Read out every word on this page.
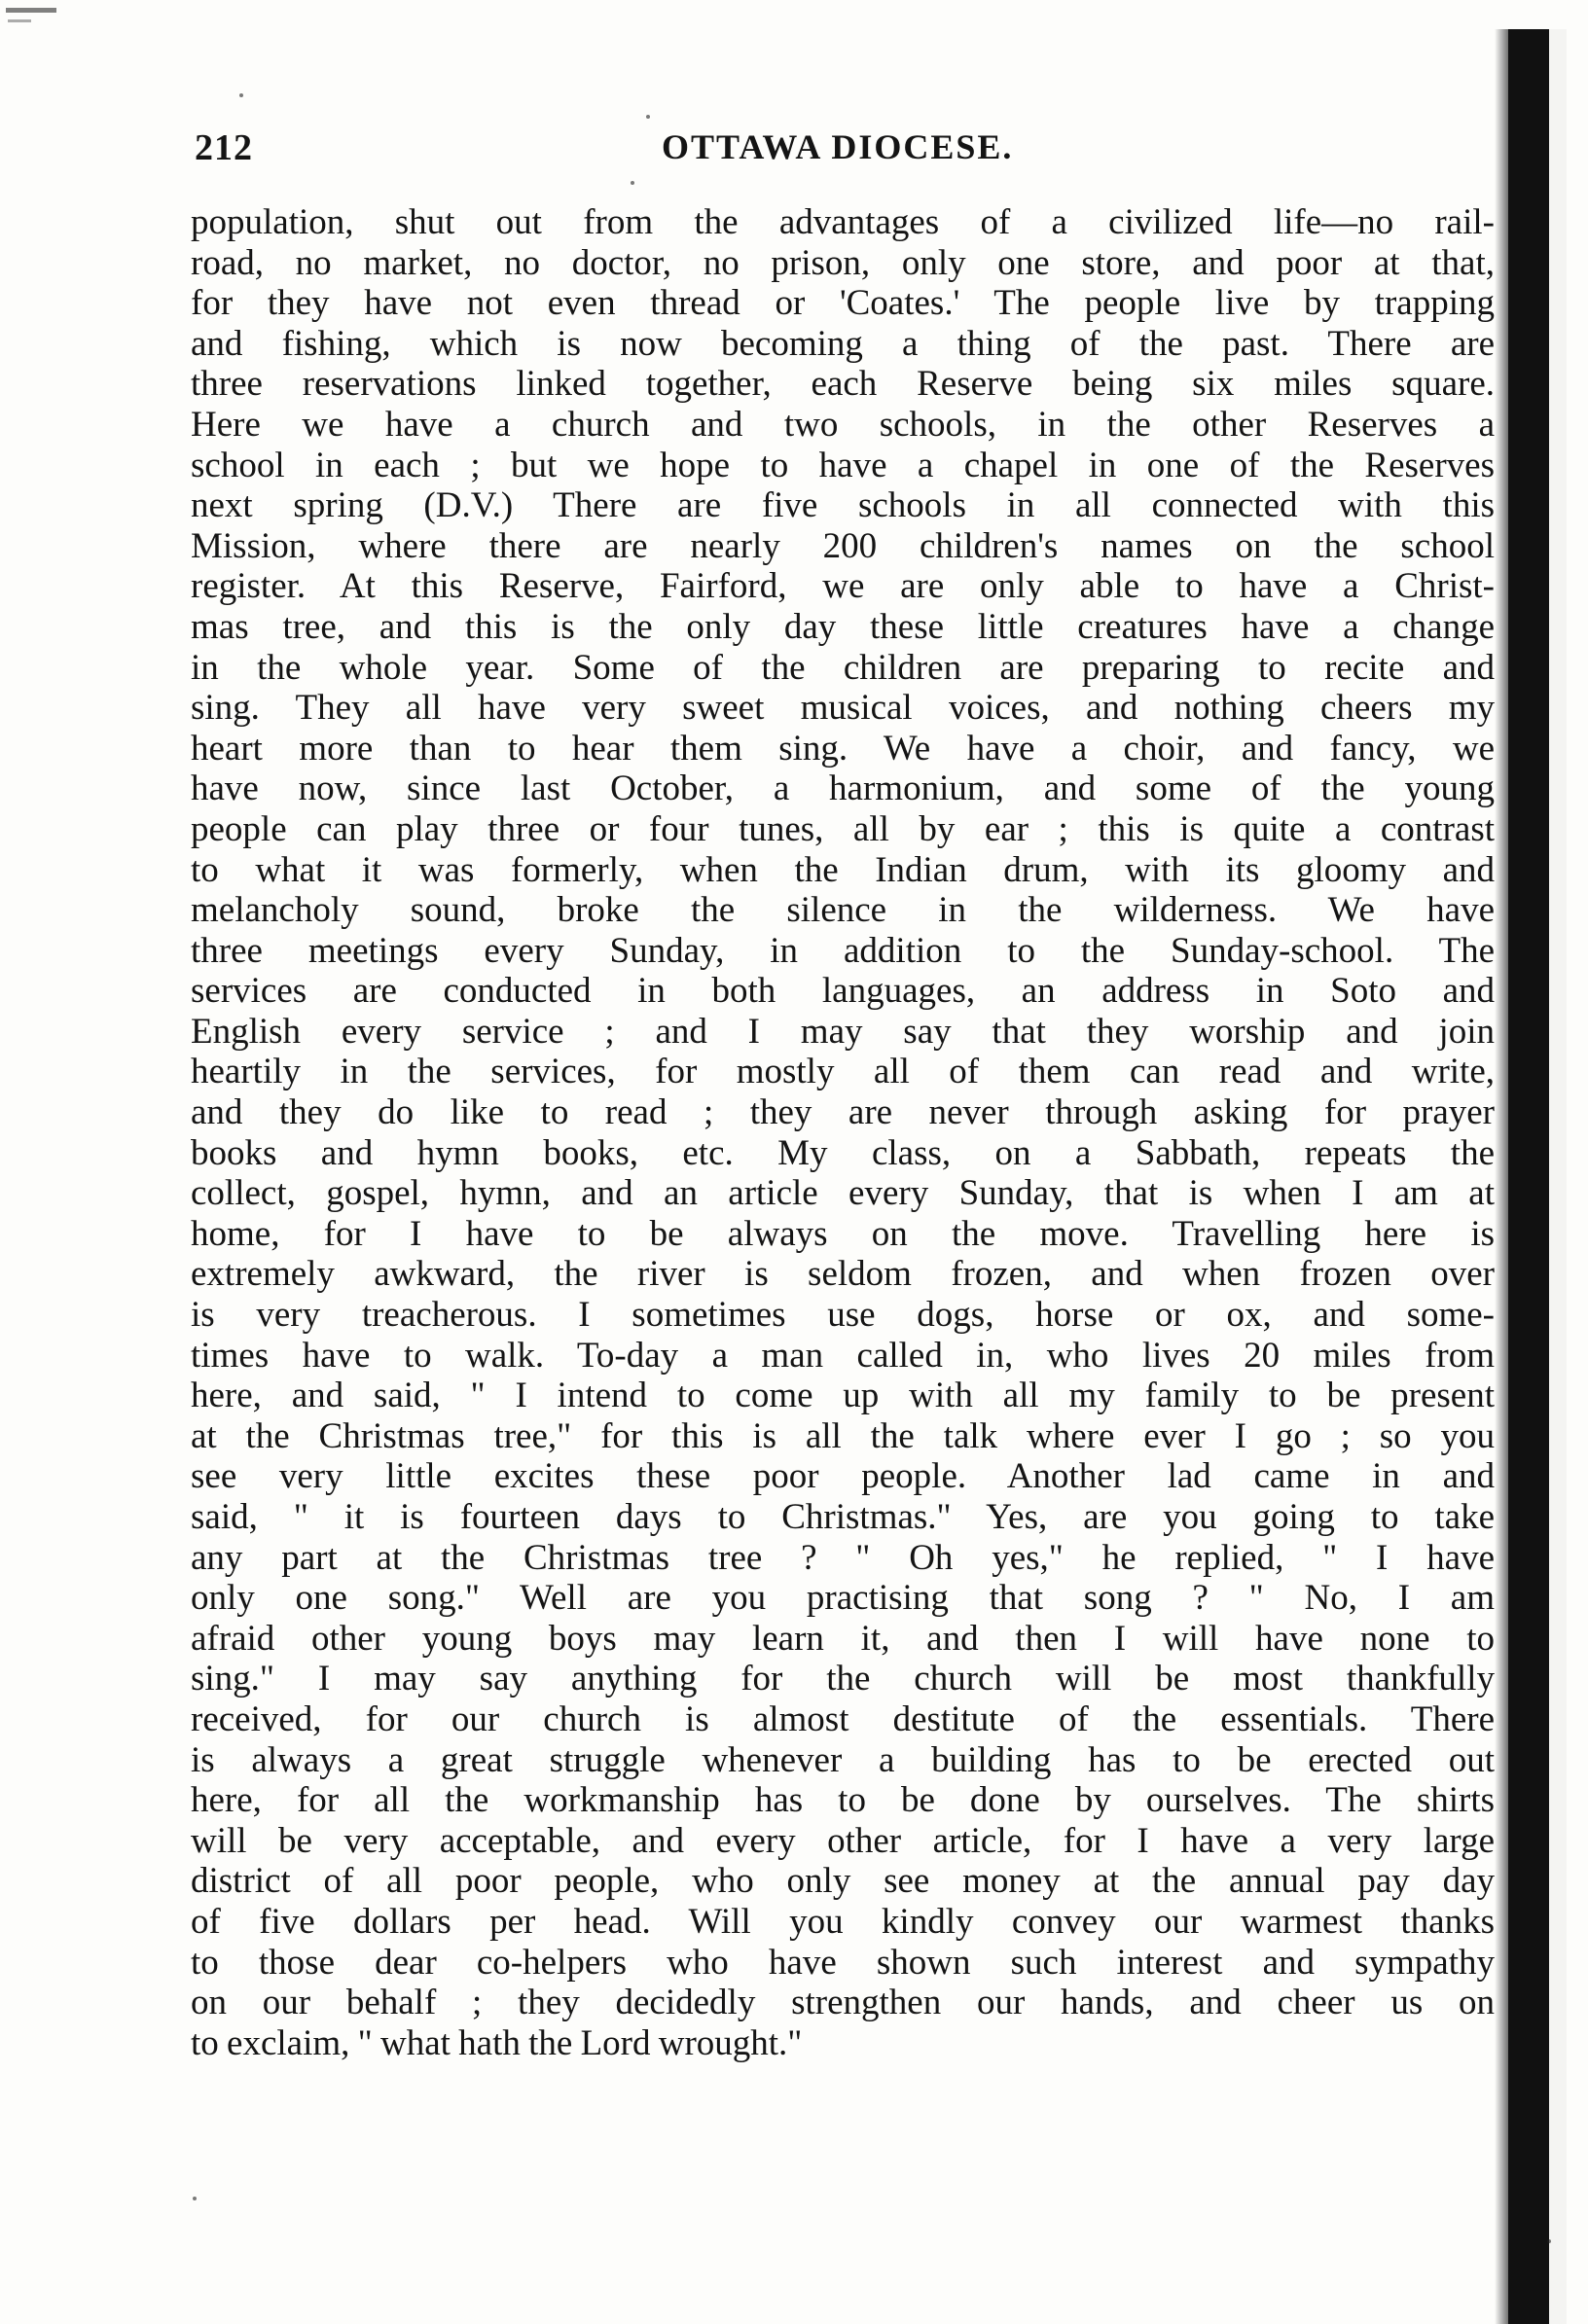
212	OTTAWA DIOCESE.
population, shut out from the advantages of a civilized life—no rail-
road, no market, no doctor, no prison, only one store, and poor at that,
for they have not even thread or 'Coates.' The people live by trapping
and fishing, which is now becoming a thing of the past. There are
three reservations linked together, each Reserve being six miles square.
Here we have a church and two schools, in the other Reserves a
school in each ; but we hope to have a chapel in one of the Reserves
next spring (D.V.) There are five schools in all connected with this
Mission, where there are nearly 200 children's names on the school
register. At this Reserve, Fairford, we are only able to have a Christ-
mas tree, and this is the only day these little creatures have a change
in the whole year. Some of the children are preparing to recite and
sing. They all have very sweet musical voices, and nothing cheers my
heart more than to hear them sing. We have a choir, and fancy, we
have now, since last October, a harmonium, and some of the young
people can play three or four tunes, all by ear ; this is quite a contrast
to what it was formerly, when the Indian drum, with its gloomy and
melancholy sound, broke the silence in the wilderness. We have
three meetings every Sunday, in addition to the Sunday-school. The
services are conducted in both languages, an address in Soto and
English every service ; and I may say that they worship and join
heartily in the services, for mostly all of them can read and write,
and they do like to read ; they are never through asking for prayer
books and hymn books, etc. My class, on a Sabbath, repeats the
collect, gospel, hymn, and an article every Sunday, that is when I am at
home, for I have to be always on the move. Travelling here is
extremely awkward, the river is seldom frozen, and when frozen over
is very treacherous. I sometimes use dogs, horse or ox, and some-
times have to walk. To-day a man called in, who lives 20 miles from
here, and said, " I intend to come up with all my family to be present
at the Christmas tree," for this is all the talk where ever I go ; so you
see very little excites these poor people. Another lad came in and
said, " it is fourteen days to Christmas." Yes, are you going to take
any part at the Christmas tree ? " Oh yes," he replied, " I have
only one song." Well are you practising that song ? " No, I am
afraid other young boys may learn it, and then I will have none to
sing." I may say anything for the church will be most thankfully
received, for our church is almost destitute of the essentials. There
is always a great struggle whenever a building has to be erected out
here, for all the workmanship has to be done by ourselves. The shirts
will be very acceptable, and every other article, for I have a very large
district of all poor people, who only see money at the annual pay day
of five dollars per head. Will you kindly convey our warmest thanks
to those dear co-helpers who have shown such interest and sympathy
on our behalf ; they decidedly strengthen our hands, and cheer us on
to exclaim, " what hath the Lord wrought."
